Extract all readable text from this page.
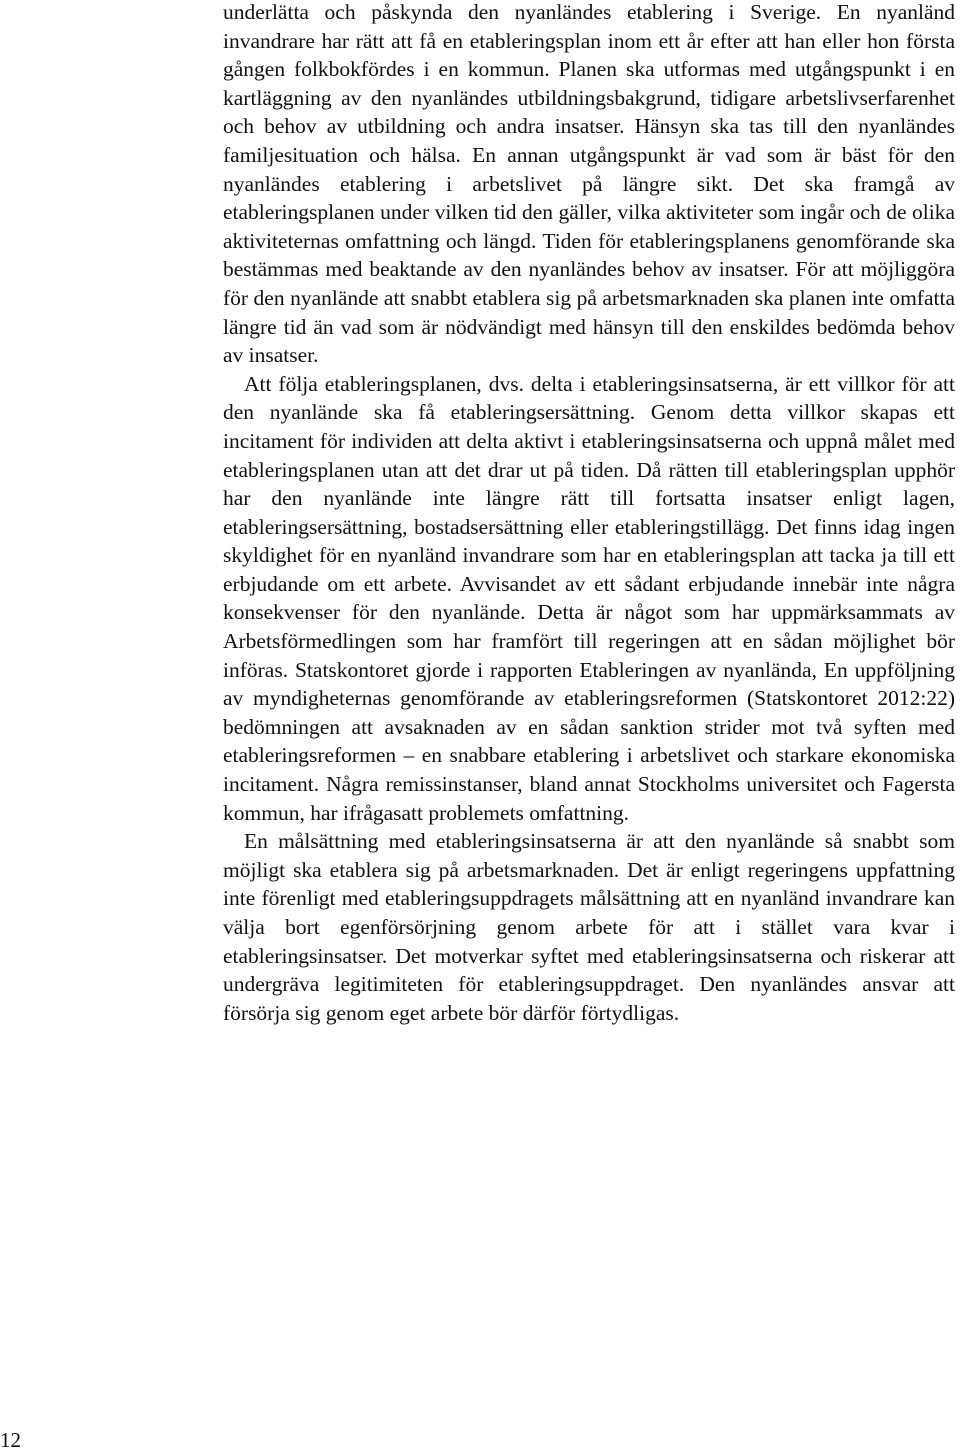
underlätta och påskynda den nyanländes etablering i Sverige. En nyanländ invandrare har rätt att få en etableringsplan inom ett år efter att han eller hon första gången folkbokfördes i en kommun. Planen ska utformas med utgångspunkt i en kartläggning av den nyanländes utbildningsbakgrund, tidigare arbetslivserfarenhet och behov av utbildning och andra insatser. Hänsyn ska tas till den nyanländes familjesituation och hälsa. En annan utgångspunkt är vad som är bäst för den nyanländes etablering i arbetslivet på längre sikt. Det ska framgå av etableringsplanen under vilken tid den gäller, vilka aktiviteter som ingår och de olika aktiviteternas omfattning och längd. Tiden för etableringsplanens genomförande ska bestämmas med beaktande av den nyanländes behov av insatser. För att möjliggöra för den nyanlände att snabbt etablera sig på arbetsmarknaden ska planen inte omfatta längre tid än vad som är nödvändigt med hänsyn till den enskildes bedömda behov av insatser.

Att följa etableringsplanen, dvs. delta i etableringsinsatserna, är ett villkor för att den nyanlände ska få etableringsersättning. Genom detta villkor skapas ett incitament för individen att delta aktivt i etableringsinsatserna och uppnå målet med etableringsplanen utan att det drar ut på tiden. Då rätten till etableringsplan upphör har den nyanlände inte längre rätt till fortsatta insatser enligt lagen, etableringsersättning, bostadsersättning eller etableringstillägg. Det finns idag ingen skyldighet för en nyanländ invandrare som har en etableringsplan att tacka ja till ett erbjudande om ett arbete. Avvisandet av ett sådant erbjudande innebär inte några konsekvenser för den nyanlände. Detta är något som har uppmärksammats av Arbetsförmedlingen som har framfört till regeringen att en sådan möjlighet bör införas. Statskontoret gjorde i rapporten Etableringen av nyanlända, En uppföljning av myndigheternas genomförande av etableringsreformen (Statskontoret 2012:22) bedömningen att avsaknaden av en sådan sanktion strider mot två syften med etableringsreformen – en snabbare etablering i arbetslivet och starkare ekonomiska incitament. Några remissinstanser, bland annat Stockholms universitet och Fagersta kommun, har ifrågasatt problemets omfattning.

En målsättning med etableringsinsatserna är att den nyanlände så snabbt som möjligt ska etablera sig på arbetsmarknaden. Det är enligt regeringens uppfattning inte förenligt med etableringsuppdragets målsättning att en nyanländ invandrare kan välja bort egenförsörjning genom arbete för att i stället vara kvar i etableringsinsatser. Det motverkar syftet med etableringsinsatserna och riskerar att undergräva legitimiteten för etableringsuppdraget. Den nyanländes ansvar att försörja sig genom eget arbete bör därför förtydligas.

12
